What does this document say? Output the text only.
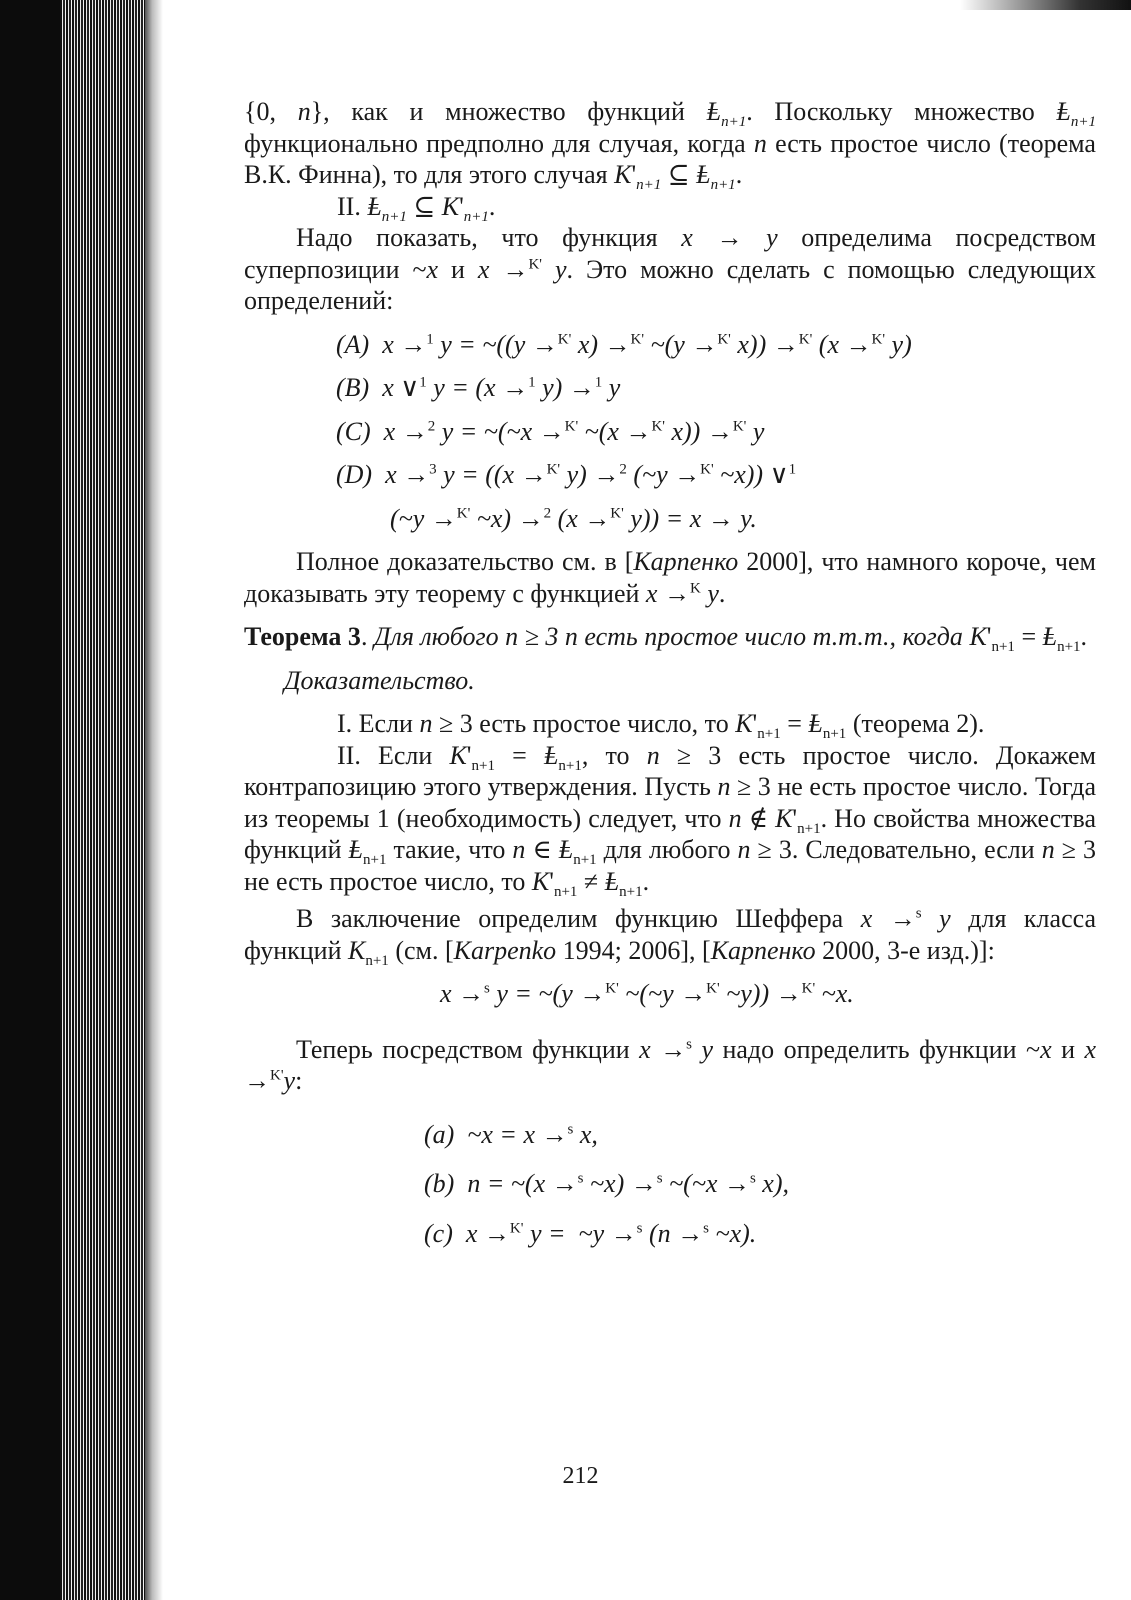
{0, n}, как и множество функций Ⱡ$_{n+1}$. Поскольку множество Ⱡ$_{n+1}$ функционально предполно для случая, когда n есть простое число (теорема В.К. Финна), то для этого случая $K'_{n+1}$ ⊆ Ⱡ$_{n+1}$.

II. Ⱡ$_{n+1}$ ⊆ $K'_{n+1}$.

Надо показать, что функция x → y определима посредством суперпозиции ~x и x →$^{K'}$ y. Это можно сделать с помощью следующих определений:

(A)  x →$^1$ y = ~((y →$^{K'}$ x) →$^{K'}$ ~(y →$^{K'}$ x)) →$^{K'}$ (x →$^{K'}$ y)

(B)  x ∨$^1$ y = (x →$^1$ y) →$^1$ y

(C)  x →$^2$ y = ~(~x →$^{K'}$ ~(x →$^{K'}$ x)) →$^{K'}$ y

(D)  x →$^3$ y = ((x →$^{K'}$ y) →$^2$ (~y →$^{K'}$ ~x)) ∨$^1$

(~y →$^{K'}$ ~x) →$^2$ (x →$^{K'}$ y)) = x → y.

Полное доказательство см. в [Карпенко 2000], что намного короче, чем доказывать эту теорему с функцией x →$^K$ y.

Теорема 3. Для любого n ≥ 3 n есть простое число т.т.т., когда $K'_{n+1}$ = Ⱡ$_{n+1}$.

Доказательство.

I. Если n ≥ 3 есть простое число, то $K'_{n+1}$ = Ⱡ$_{n+1}$ (теорема 2).

II. Если $K'_{n+1}$ = Ⱡ$_{n+1}$, то n ≥ 3 есть простое число. Докажем контрапозицию этого утверждения. Пусть n ≥ 3 не есть простое число. Тогда из теоремы 1 (необходимость) следует, что n ∉ $K'_{n+1}$. Но свойства множества функций Ⱡ$_{n+1}$ такие, что n ∈ Ⱡ$_{n+1}$ для любого n ≥ 3. Следовательно, если n ≥ 3 не есть простое число, то $K'_{n+1}$ ≠ Ⱡ$_{n+1}$.

В заключение определим функцию Шеффера x →$^s$ y для класса функций $K_{n+1}$ (см. [Karpenko 1994; 2006], [Карпенко 2000, 3-е изд.)]:

x →$^s$ y = ~(y →$^{K'}$ ~(~y →$^{K'}$ ~y)) →$^{K'}$ ~x.

Теперь посредством функции x →$^s$ y надо определить функции ~x и x →$^{K'}$y:

(a)  ~x = x →$^s$ x,

(b)  n = ~(x →$^s$ ~x) →$^s$ ~(~x →$^s$ x),

(c)  x →$^{K'}$ y =  ~y →$^s$ (n →$^s$ ~x).

212
